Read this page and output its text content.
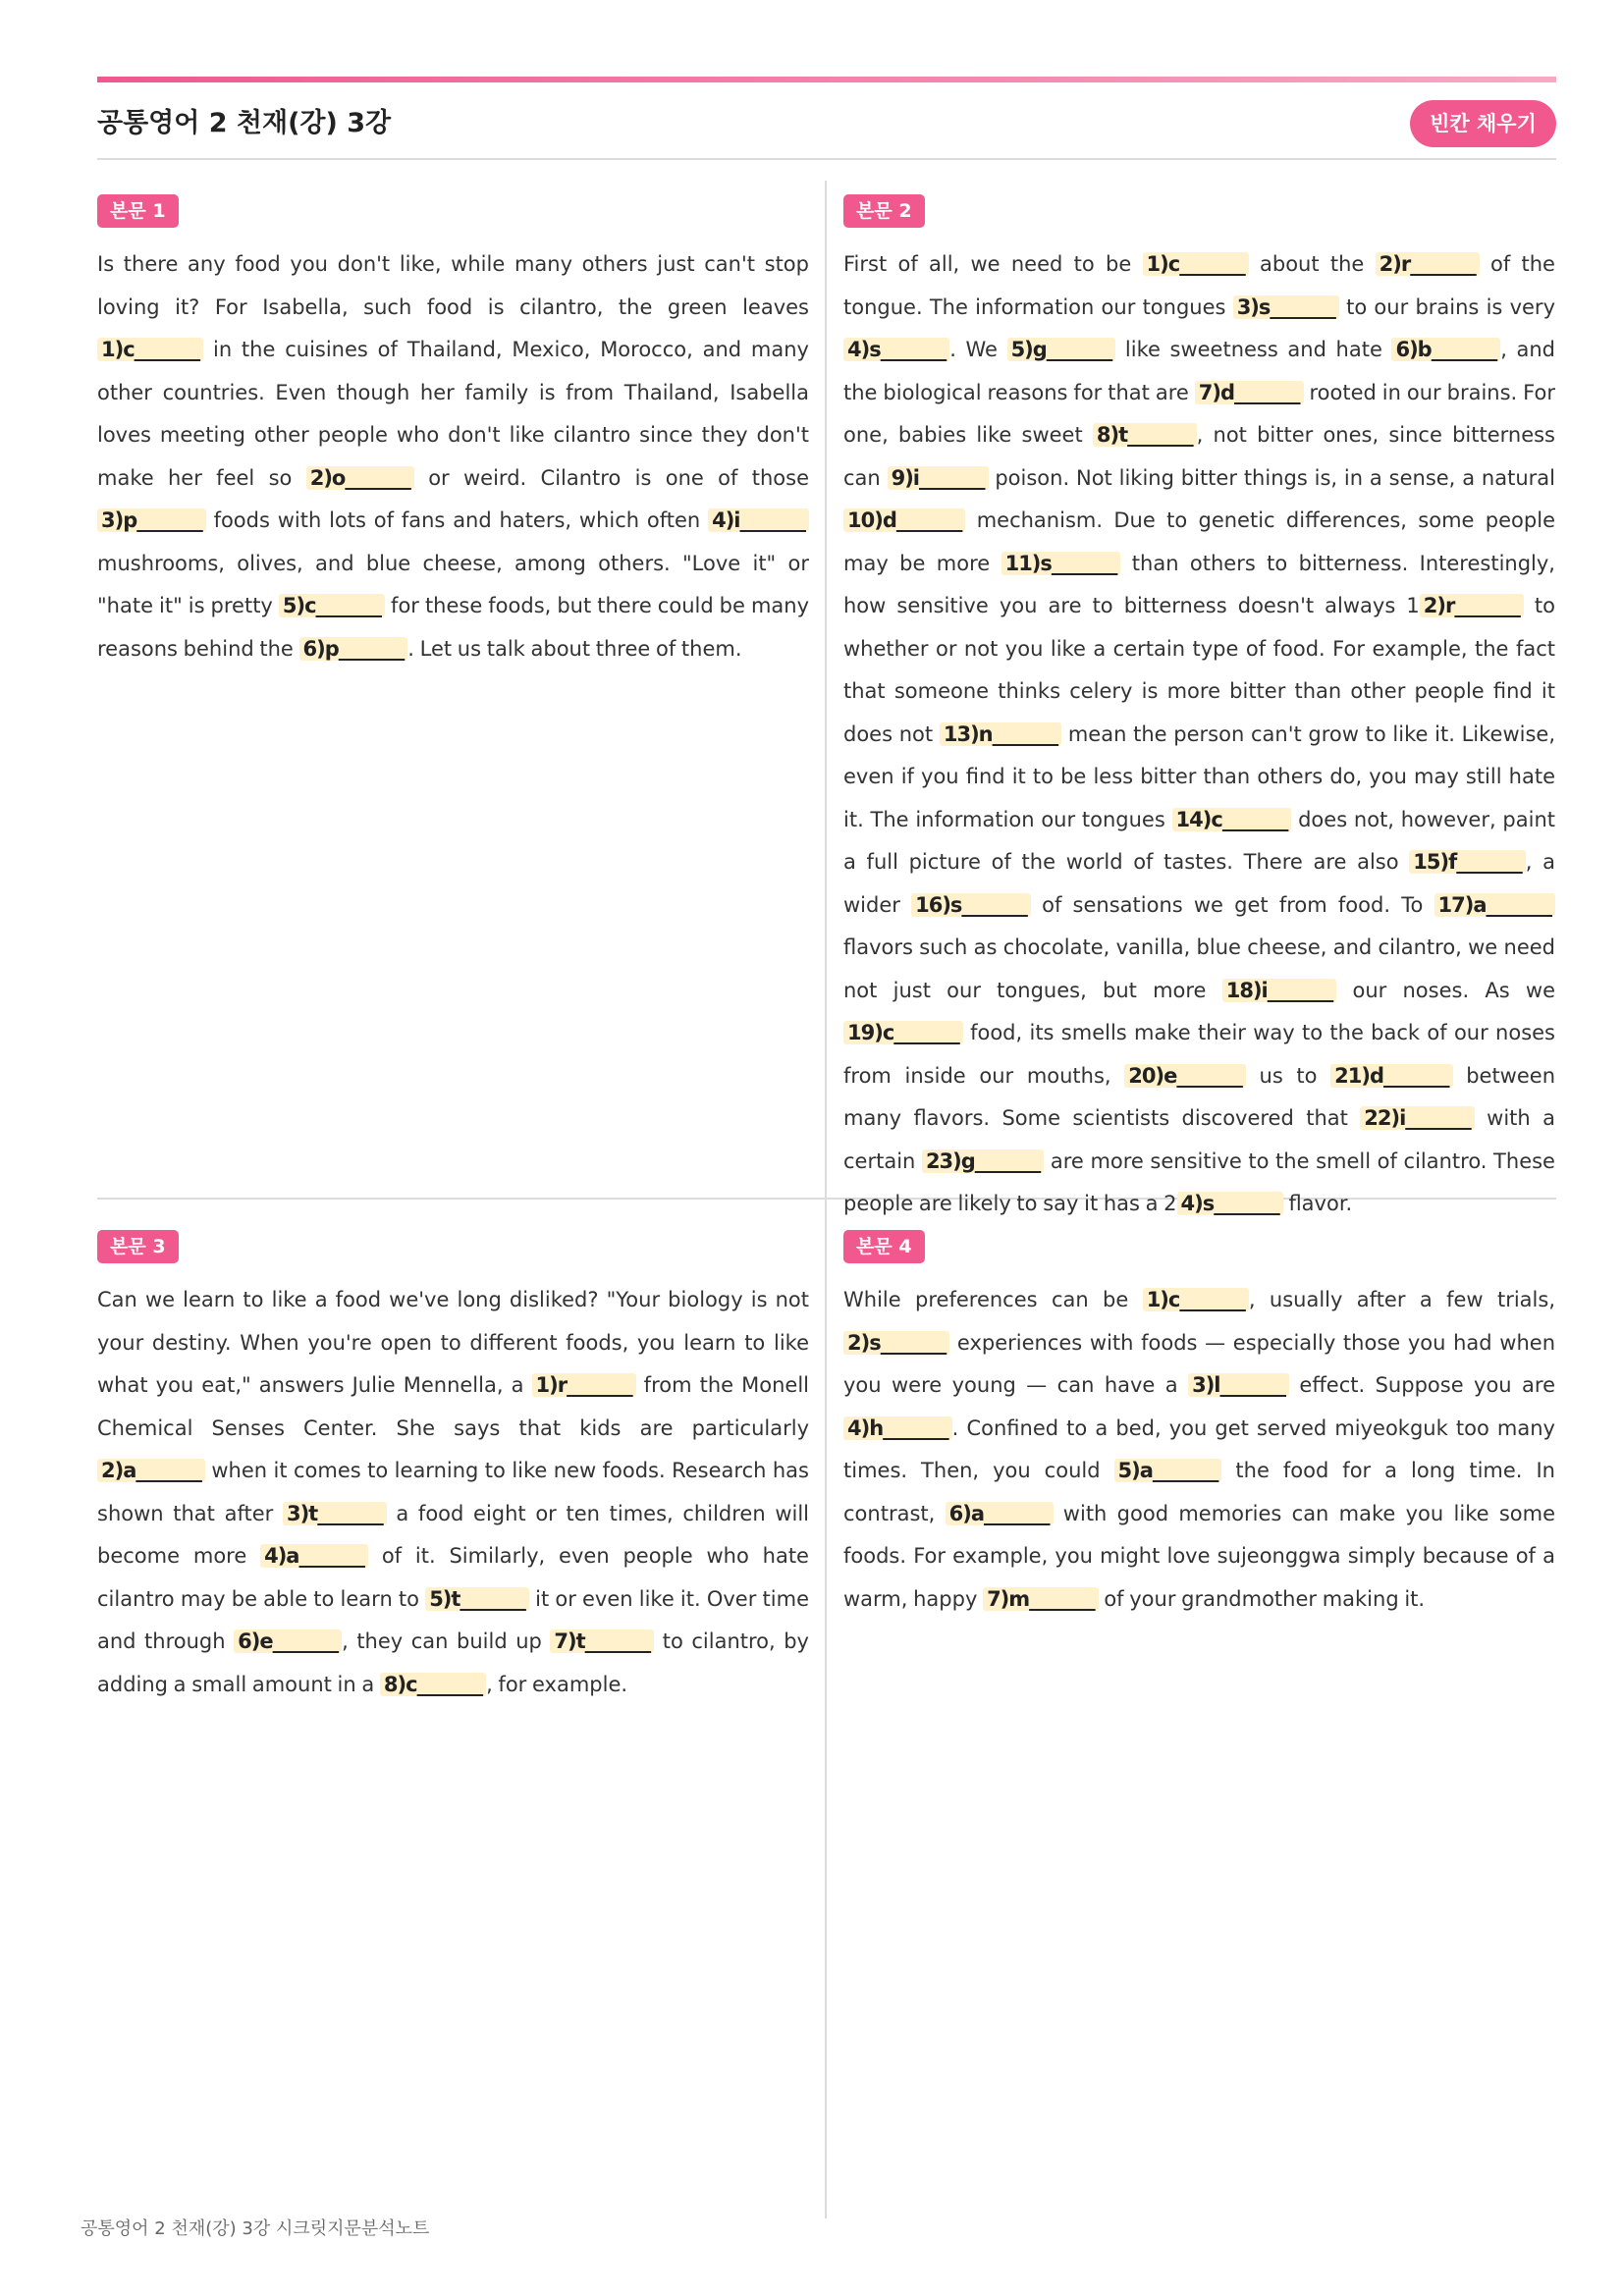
공통영어 2 천재(강) 3강	빈칸 채우기
본문 1
Is there any food you don't like, while many others just can't stop loving it? For Isabella, such food is cilantro, the green leaves 1)c_______ in the cuisines of Thailand, Mexico, Morocco, and many other countries. Even though her family is from Thailand, Isabella loves meeting other people who don't like cilantro since they don't make her feel so 2)o_______ or weird. Cilantro is one of those 3)p_______ foods with lots of fans and haters, which often 4)i_______ mushrooms, olives, and blue cheese, among others. "Love it" or "hate it" is pretty 5)c_______ for these foods, but there could be many reasons behind the 6)p_______ . Let us talk about three of them.
본문 2
First of all, we need to be 1)c_______ about the 2)r_______ of the tongue. The information our tongues 3)s_______ to our brains is very 4)s_______ . We 5)g_______ like sweetness and hate 6)b_______ , and the biological reasons for that are 7)d_______ rooted in our brains. For one, babies like sweet 8)t_______ , not bitter ones, since bitterness can 9)i_______ poison. Not liking bitter things is, in a sense, a natural 10)d_______ mechanism. Due to genetic differences, some people may be more 11)s_______ than others to bitterness. Interestingly, how sensitive you are to bitterness doesn't always 1 2)r_______ to whether or not you like a certain type of food. For example, the fact that someone thinks celery is more bitter than other people find it does not 13)n_______ mean the person can't grow to like it. Likewise, even if you find it to be less bitter than others do, you may still hate it. The information our tongues 14)c_______ does not, however, paint a full picture of the world of tastes. There are also 15)f_______ , a wider 16)s_______ of sensations we get from food. To 17)a_______ flavors such as chocolate, vanilla, blue cheese, and cilantro, we need not just our tongues, but more 18)i_______ our noses. As we 19)c_______ food, its smells make their way to the back of our noses from inside our mouths, 20)e_______ us to 21)d_______ between many flavors. Some scientists discovered that 22)i_______ with a certain 23)g_______ are more sensitive to the smell of cilantro. These people are likely to say it has a 2 4)s_______ flavor.
본문 3
Can we learn to like a food we've long disliked? "Your biology is not your destiny. When you're open to different foods, you learn to like what you eat," answers Julie Mennella, a 1)r_______ from the Monell Chemical Senses Center. She says that kids are particularly 2)a_______ when it comes to learning to like new foods. Research has shown that after 3)t_______ a food eight or ten times, children will become more 4)a_______ of it. Similarly, even people who hate cilantro may be able to learn to 5)t_______ it or even like it. Over time and through 6)e_______ , they can build up 7)t_______ to cilantro, by adding a small amount in a 8)c_______ , for example.
본문 4
While preferences can be 1)c_______ , usually after a few trials, 2)s_______ experiences with foods — especially those you had when you were young — can have a 3)l_______ effect. Suppose you are 4)h_______ . Confined to a bed, you get served miyeokguk too many times. Then, you could 5)a_______ the food for a long time. In contrast, 6)a_______ with good memories can make you like some foods. For example, you might love sujeonggwa simply because of a warm, happy 7)m_______ of your grandmother making it.
공통영어 2 천재(강) 3강 시크릿지문분석노트
